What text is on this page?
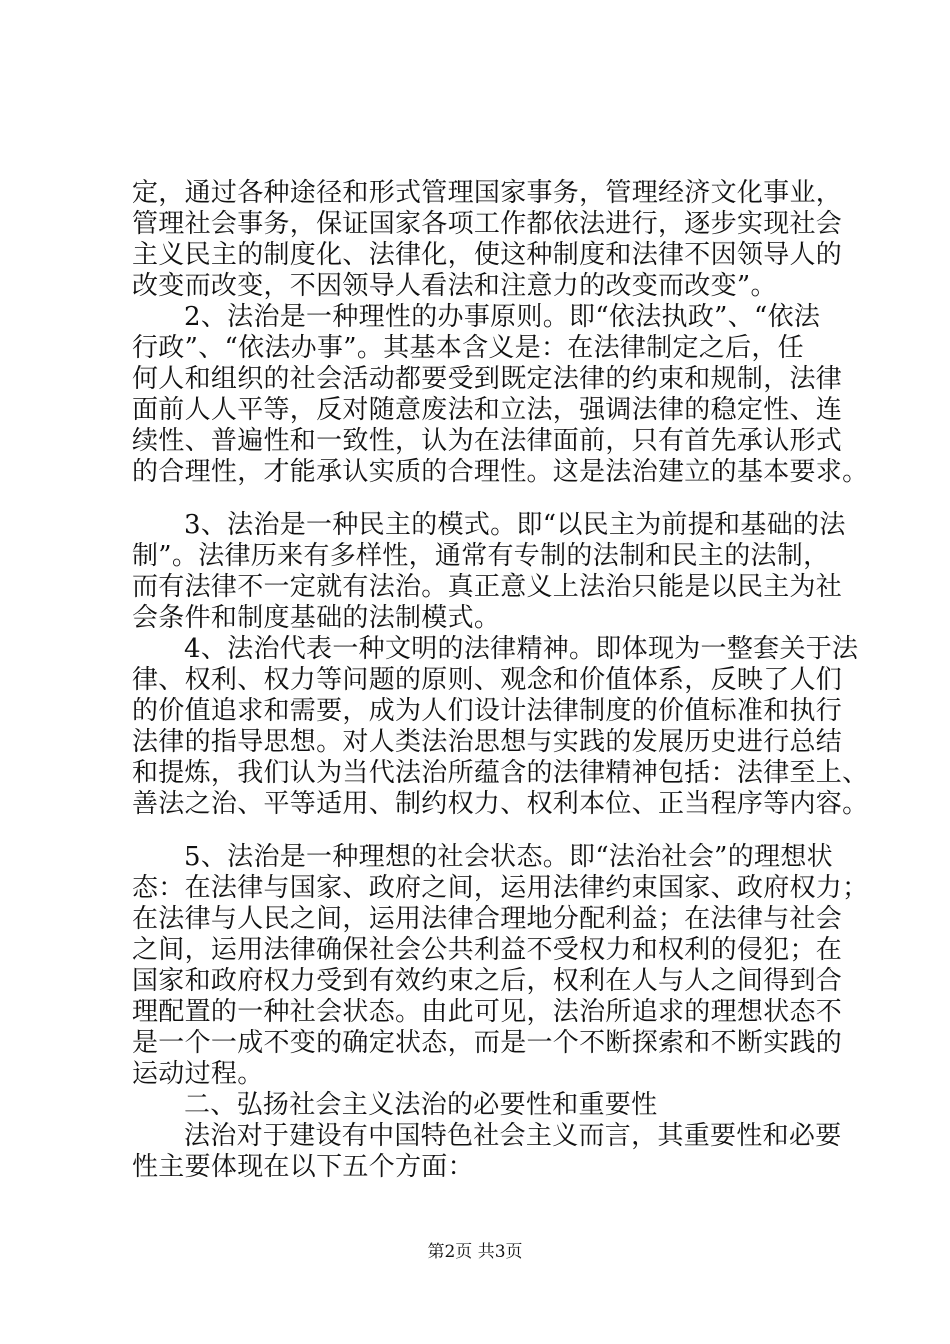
定，通过各种途径和形式管理国家事务，管理经济文化事业，
管理社会事务，保证国家各项工作都依法进行，逐步实现社会
主义民主的制度化、法律化，使这种制度和法律不因领导人的
改变而改变，不因领导人看法和注意力的改变而改变”。
2、法治是一种理性的办事原则。即“依法执政”、“依法
行政”、“依法办事”。其基本含义是：在法律制定之后，任
何人和组织的社会活动都要受到既定法律的约束和规制，法律
面前人人平等，反对随意废法和立法，强调法律的稳定性、连
续性、普遍性和一致性，认为在法律面前，只有首先承认形式
的合理性，才能承认实质的合理性。这是法治建立的基本要求。
3、法治是一种民主的模式。即“以民主为前提和基础的法
制”。法律历来有多样性，通常有专制的法制和民主的法制，
而有法律不一定就有法治。真正意义上法治只能是以民主为社
会条件和制度基础的法制模式。
4、法治代表一种文明的法律精神。即体现为一整套关于法
律、权利、权力等问题的原则、观念和价值体系，反映了人们
的价值追求和需要，成为人们设计法律制度的价值标准和执行
法律的指导思想。对人类法治思想与实践的发展历史进行总结
和提炼，我们认为当代法治所蕴含的法律精神包括：法律至上、
善法之治、平等适用、制约权力、权利本位、正当程序等内容。
5、法治是一种理想的社会状态。即“法治社会”的理想状
态：在法律与国家、政府之间，运用法律约束国家、政府权力；
在法律与人民之间，运用法律合理地分配利益；在法律与社会
之间，运用法律确保社会公共利益不受权力和权利的侵犯；在
国家和政府权力受到有效约束之后，权利在人与人之间得到合
理配置的一种社会状态。由此可见，法治所追求的理想状态不
是一个一成不变的确定状态，而是一个不断探索和不断实践的
运动过程。
二、弘扬社会主义法治的必要性和重要性
法治对于建设有中国特色社会主义而言，其重要性和必要
性主要体现在以下五个方面：
第2页 共3页
